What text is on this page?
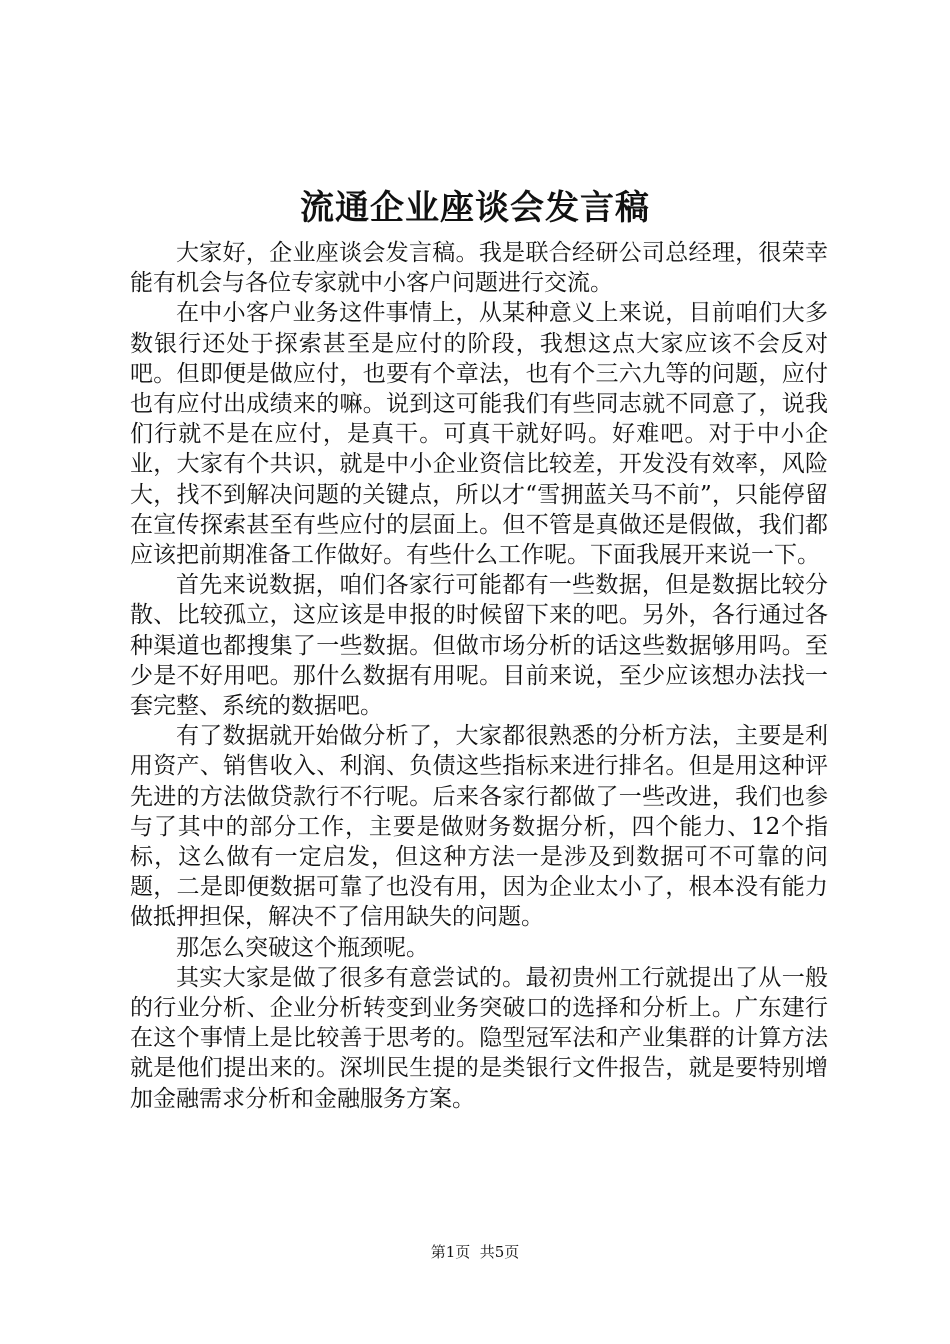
流通企业座谈会发言稿

大家好，企业座谈会发言稿。我是联合经研公司总经理，很荣幸能有机会与各位专家就中小客户问题进行交流。

在中小客户业务这件事情上，从某种意义上来说，目前咱们大多数银行还处于探索甚至是应付的阶段，我想这点大家应该不会反对吧。但即便是做应付，也要有个章法，也有个三六九等的问题，应付也有应付出成绩来的嘛。说到这可能我们有些同志就不同意了，说我们行就不是在应付，是真干。可真干就好吗。好难吧。对于中小企业，大家有个共识，就是中小企业资信比较差，开发没有效率，风险大，找不到解决问题的关键点，所以才“雪拥蓝关马不前”，只能停留在宣传探索甚至有些应付的层面上。但不管是真做还是假做，我们都应该把前期准备工作做好。有些什么工作呢。下面我展开来说一下。

首先来说数据，咱们各家行可能都有一些数据，但是数据比较分散、比较孤立，这应该是申报的时候留下来的吧。另外，各行通过各种渠道也都搜集了一些数据。但做市场分析的话这些数据够用吗。至少是不好用吧。那什么数据有用呢。目前来说，至少应该想办法找一套完整、系统的数据吧。

有了数据就开始做分析了，大家都很熟悉的分析方法，主要是利用资产、销售收入、利润、负债这些指标来进行排名。但是用这种评先进的方法做贷款行不行呢。后来各家行都做了一些改进，我们也参与了其中的部分工作，主要是做财务数据分析，四个能力、12个指标，这么做有一定启发，但这种方法一是涉及到数据可不可靠的问题，二是即便数据可靠了也没有用，因为企业太小了，根本没有能力做抵押担保，解决不了信用缺失的问题。

那怎么突破这个瓶颈呢。

其实大家是做了很多有意尝试的。最初贵州工行就提出了从一般的行业分析、企业分析转变到业务突破口的选择和分析上。广东建行在这个事情上是比较善于思考的。隐型冠军法和产业集群的计算方法就是他们提出来的。深圳民生提的是类银行文件报告，就是要特别增加金融需求分析和金融服务方案。

第1页  共5页
